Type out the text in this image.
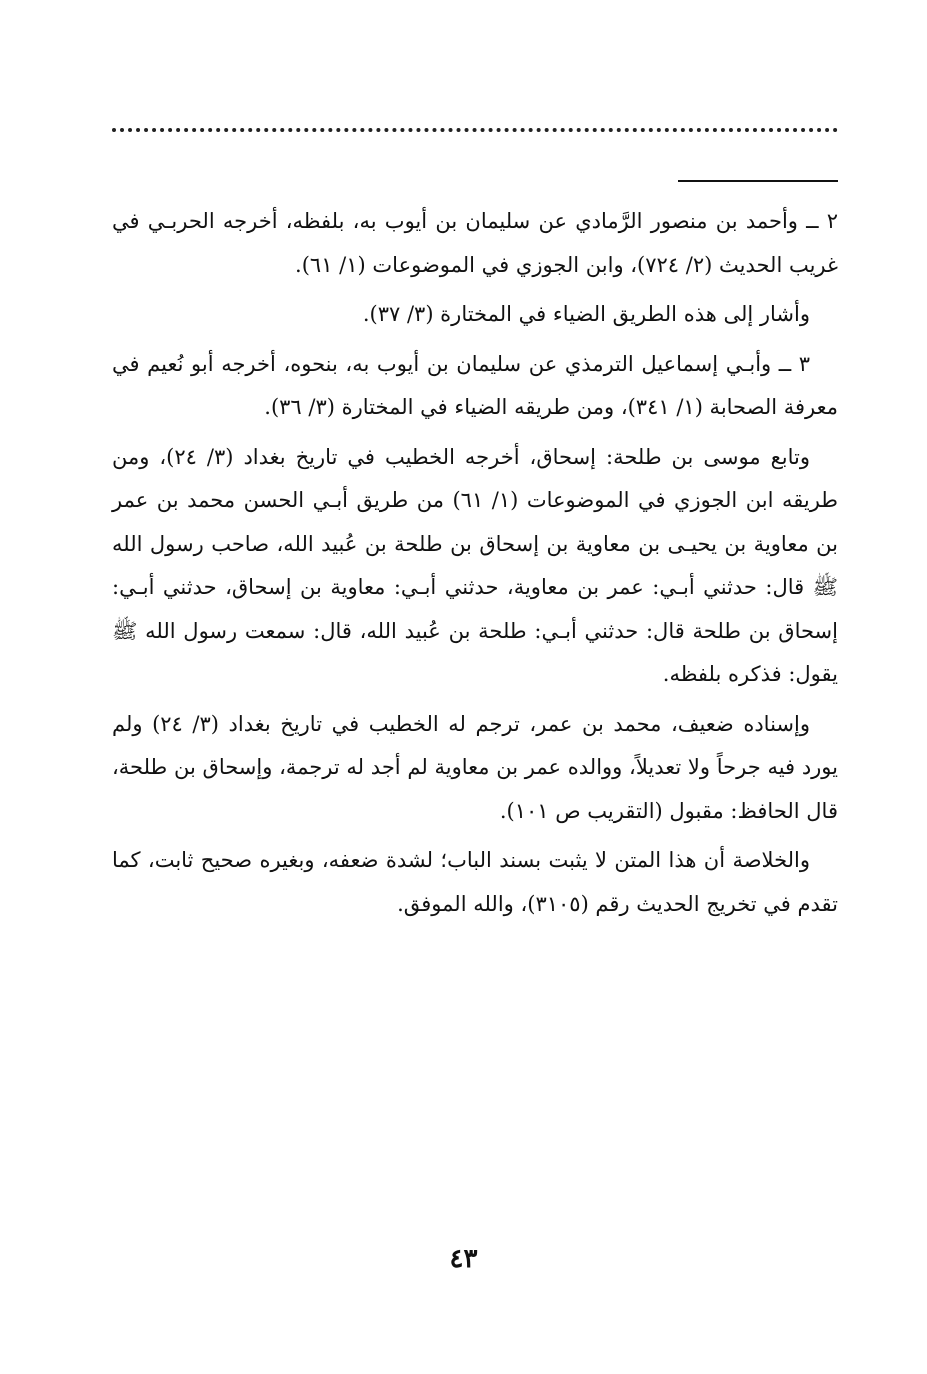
٢ ــ وأحمد بن منصور الرَّمادي عن سليمان بن أيوب به، بلفظه، أخرجه الحربـي في غريب الحديث (٢/ ٧٢٤)، وابن الجوزي في الموضوعات (١/ ٦١).

وأشار إلى هذه الطريق الضياء في المختارة (٣/ ٣٧).

٣ ــ وأبـي إسماعيل الترمذي عن سليمان بن أيوب به، بنحوه، أخرجه أبو نُعيم في معرفة الصحابة (١/ ٣٤١)، ومن طريقه الضياء في المختارة (٣/ ٣٦).

وتابع موسى بن طلحة: إسحاق، أخرجه الخطيب في تاريخ بغداد (٣/ ٢٤)، ومن طريقه ابن الجوزي في الموضوعات (١/ ٦١) من طريق أبـي الحسن محمد بن عمر بن معاوية بن يحيـى بن معاوية بن إسحاق بن طلحة بن عُبيد الله، صاحب رسول الله ﷺ قال: حدثني أبـي: عمر بن معاوية، حدثني أبـي: معاوية بن إسحاق، حدثني أبـي: إسحاق بن طلحة قال: حدثني أبـي: طلحة بن عُبيد الله، قال: سمعت رسول الله ﷺ يقول: فذكره بلفظه.

وإسناده ضعيف، محمد بن عمر، ترجم له الخطيب في تاريخ بغداد (٣/ ٢٤) ولم يورد فيه جرحاً ولا تعديلاً، ووالده عمر بن معاوية لم أجد له ترجمة، وإسحاق بن طلحة، قال الحافظ: مقبول (التقريب ص ١٠١).

والخلاصة أن هذا المتن لا يثبت بسند الباب؛ لشدة ضعفه، وبغيره صحيح ثابت، كما تقدم في تخريج الحديث رقم (٣١٠٥)، والله الموفق.

٤٣
